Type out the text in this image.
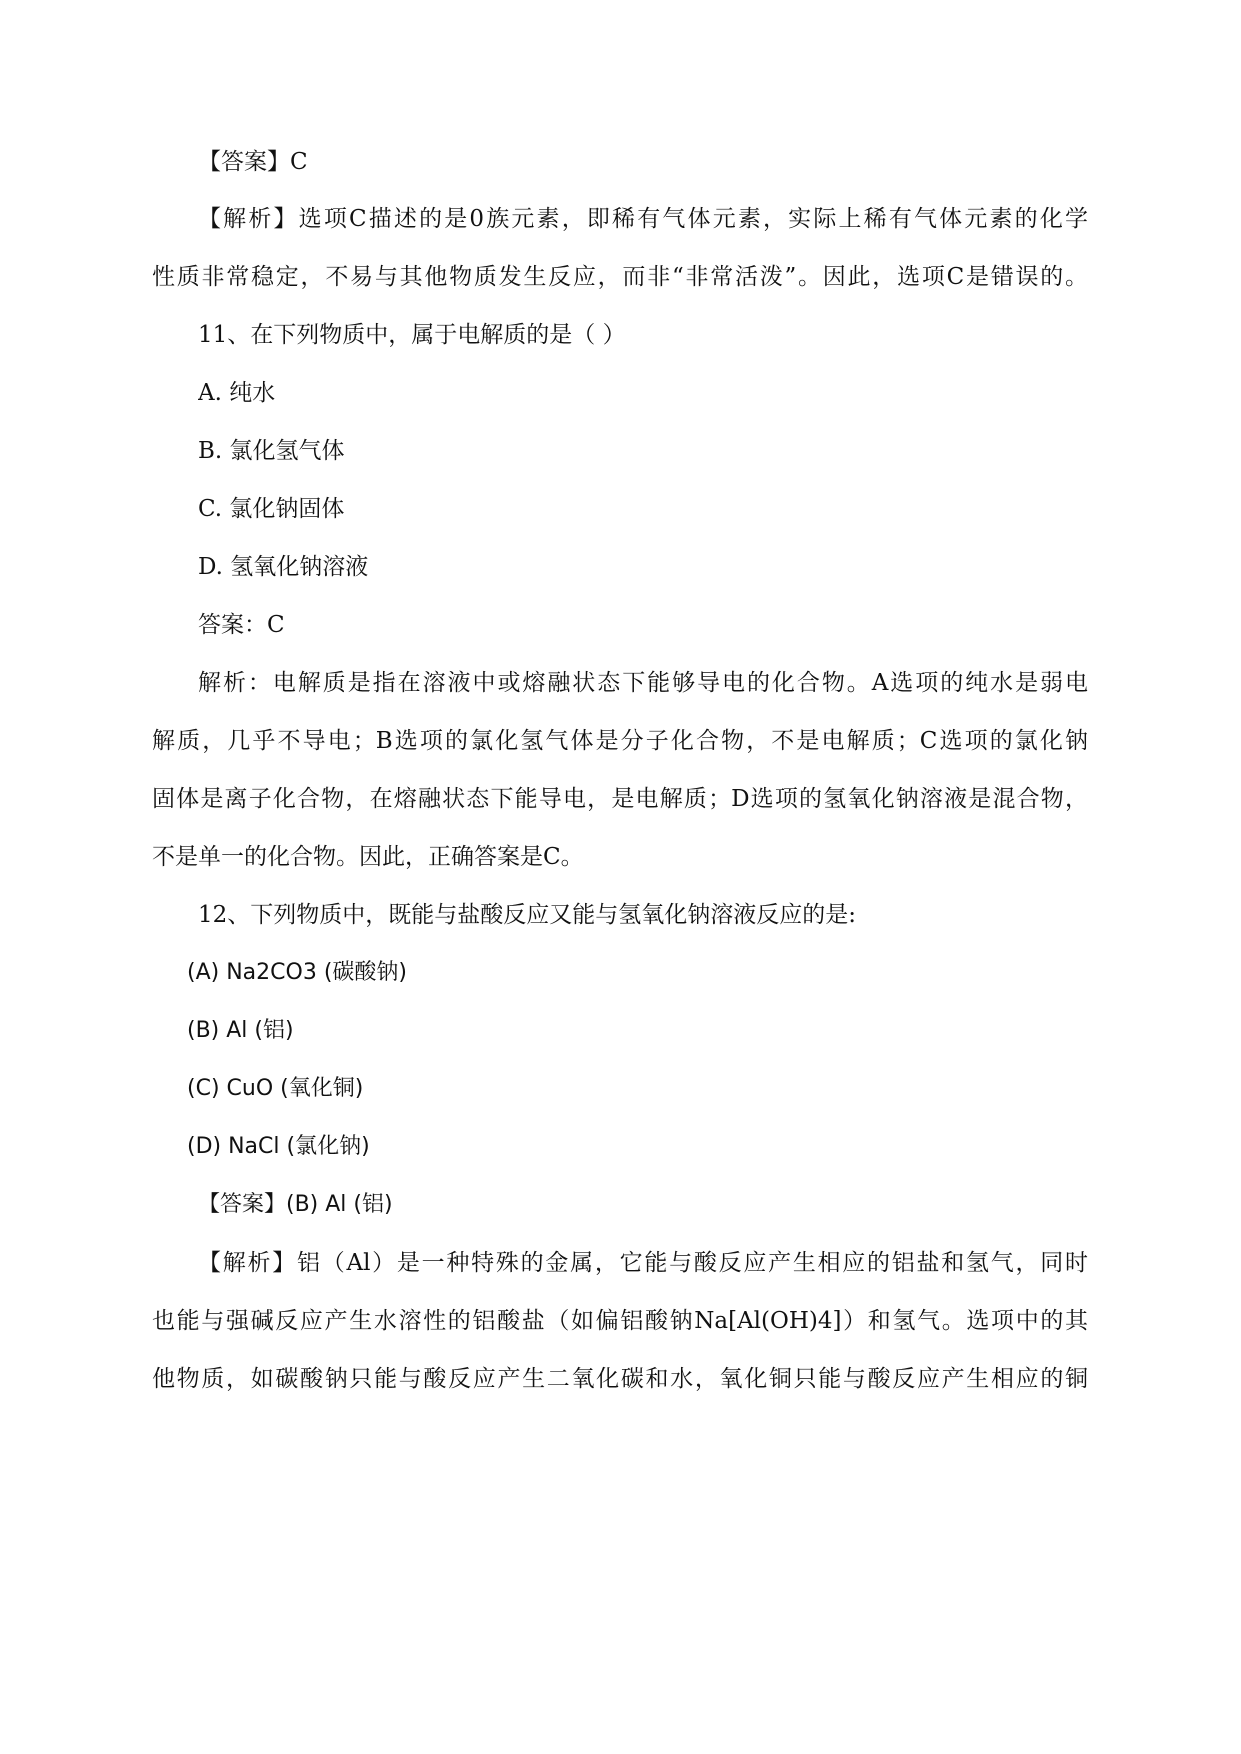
【答案】C
【解析】选项C描述的是0族元素，即稀有气体元素，实际上稀有气体元素的化学
性质非常稳定，不易与其他物质发生反应，而非“非常活泼”。因此，选项C是错误的。
11、在下列物质中，属于电解质的是（ ）
A. 纯水
B. 氯化氢气体
C. 氯化钠固体
D. 氢氧化钠溶液
答案：C
解析：电解质是指在溶液中或熔融状态下能够导电的化合物。A选项的纯水是弱电
解质，几乎不导电；B选项的氯化氢气体是分子化合物，不是电解质；C选项的氯化钠
固体是离子化合物，在熔融状态下能导电，是电解质；D选项的氢氧化钠溶液是混合物，
不是单一的化合物。因此，正确答案是C。
12、下列物质中，既能与盐酸反应又能与氢氧化钠溶液反应的是:
(A) Na2CO3 (碳酸钠)
(B) Al (铝)
(C) CuO (氧化铜)
(D) NaCl (氯化钠)
【答案】(B) Al (铝)
【解析】铝（Al）是一种特殊的金属，它能与酸反应产生相应的铝盐和氢气，同时
也能与强碱反应产生水溶性的铝酸盐（如偏铝酸钠Na[Al(OH)4]）和氢气。选项中的其
他物质，如碳酸钠只能与酸反应产生二氧化碳和水，氧化铜只能与酸反应产生相应的铜
